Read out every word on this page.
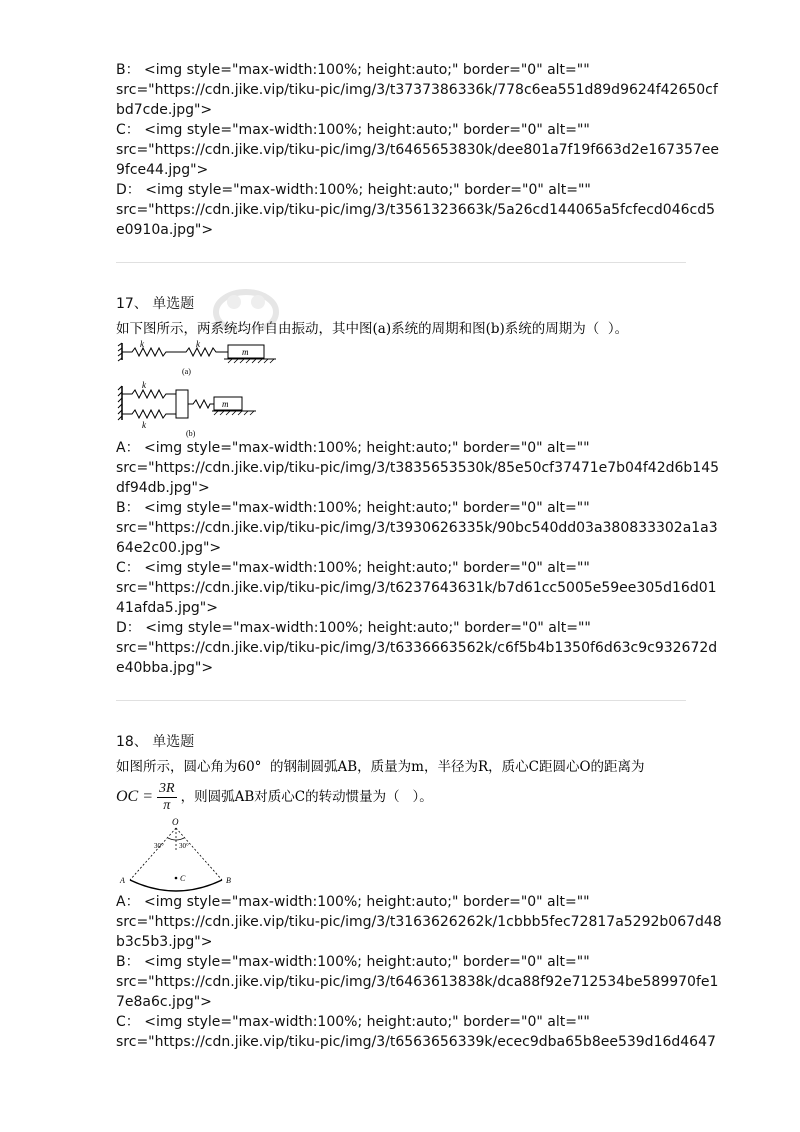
B： <img style="max-width:100%; height:auto;" border="0" alt=""
src="https://cdn.jike.vip/tiku-pic/img/3/t3737386336k/778c6ea551d89d9624f42650cf
bd7cde.jpg">
C： <img style="max-width:100%; height:auto;" border="0" alt=""
src="https://cdn.jike.vip/tiku-pic/img/3/t6465653830k/dee801a7f19f663d2e167357ee
9fce44.jpg">
D： <img style="max-width:100%; height:auto;" border="0" alt=""
src="https://cdn.jike.vip/tiku-pic/img/3/t3561323663k/5a26cd144065a5fcfecd046cd5
e0910a.jpg">
17、 单选题
如下图所示，两系统均作自由振动，其中图(a)系统的周期和图(b)系统的周期为（  ）。
k	k
m
(a)
k
k
m
(b)
A： <img style="max-width:100%; height:auto;" border="0" alt=""
src="https://cdn.jike.vip/tiku-pic/img/3/t3835653530k/85e50cf37471e7b04f42d6b145
df94db.jpg">
B： <img style="max-width:100%; height:auto;" border="0" alt=""
src="https://cdn.jike.vip/tiku-pic/img/3/t3930626335k/90bc540dd03a380833302a1a3
64e2c00.jpg">
C： <img style="max-width:100%; height:auto;" border="0" alt=""
src="https://cdn.jike.vip/tiku-pic/img/3/t6237643631k/b7d61cc5005e59ee305d16d01
41afda5.jpg">
D： <img style="max-width:100%; height:auto;" border="0" alt=""
src="https://cdn.jike.vip/tiku-pic/img/3/t6336663562k/c6f5b4b1350f6d63c9c932672d
e40bba.jpg">
18、 单选题
如图所示，圆心角为60°  的钢制圆弧AB，质量为m，半径为R，质心C距圆心O的距离为
OC = $\frac{3R}{\pi}$ ，则圆弧AB对质心C的转动惯量为（   ）。
O
30° 30°
C
A	B
A： <img style="max-width:100%; height:auto;" border="0" alt=""
src="https://cdn.jike.vip/tiku-pic/img/3/t3163626262k/1cbbb5fec72817a5292b067d48
b3c5b3.jpg">
B： <img style="max-width:100%; height:auto;" border="0" alt=""
src="https://cdn.jike.vip/tiku-pic/img/3/t6463613838k/dca88f92e712534be589970fe1
7e8a6c.jpg">
C： <img style="max-width:100%; height:auto;" border="0" alt=""
src="https://cdn.jike.vip/tiku-pic/img/3/t6563656339k/ecec9dba65b8ee539d16d4647
